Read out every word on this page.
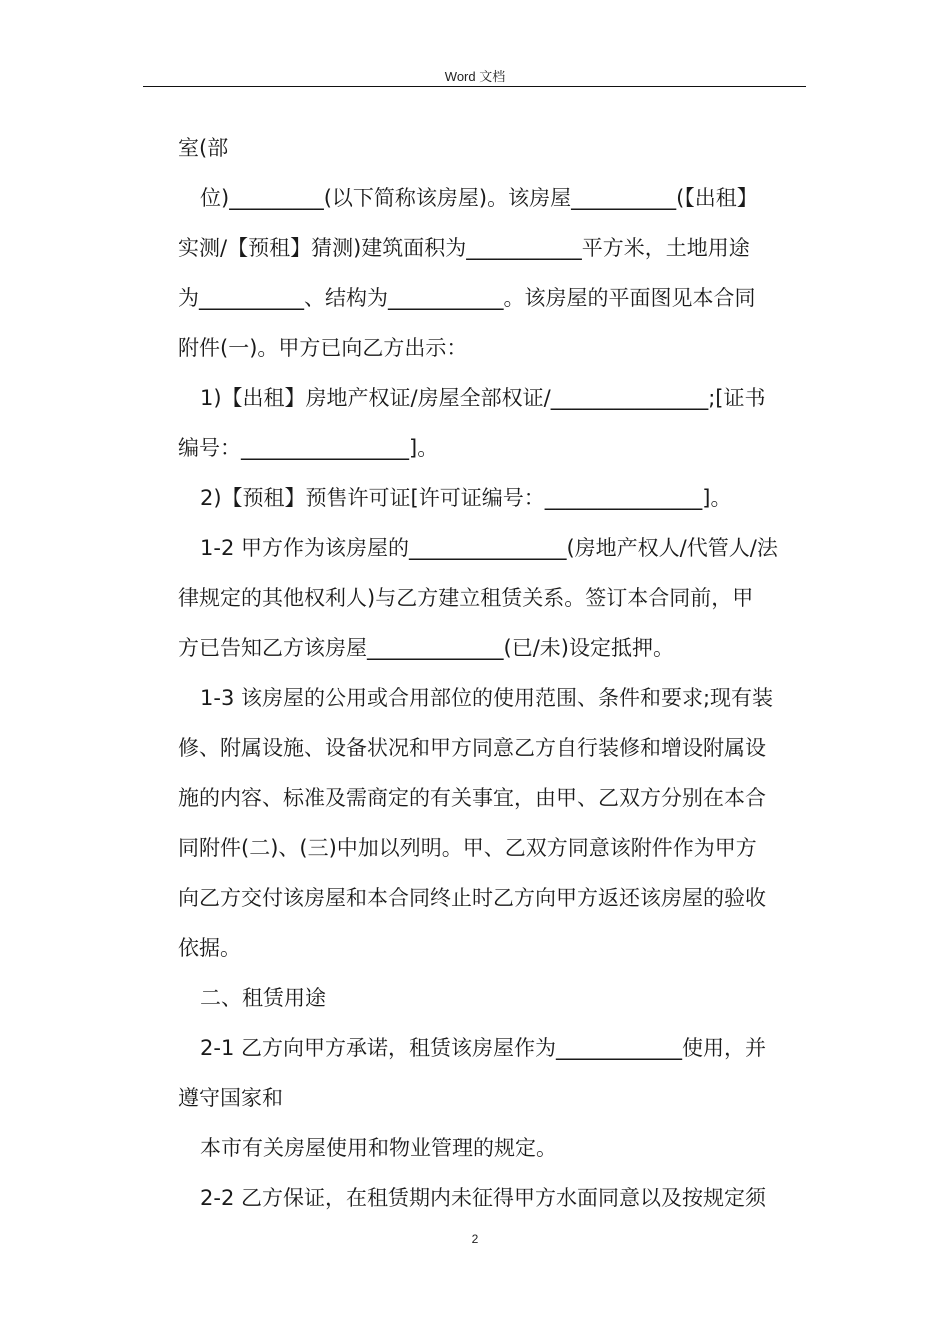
Word 文档
室(部
位)_________(以下简称该房屋)。该房屋__________(【出租】
实测/【预租】猜测)建筑面积为___________平方米，土地用途
为__________、结构为___________。该房屋的平面图见本合同
附件(一)。甲方已向乙方出示：
1)【出租】房地产权证/房屋全部权证/_______________;[证书
编号：________________]。
2)【预租】预售许可证[许可证编号：_______________]。
1-2 甲方作为该房屋的_______________(房地产权人/代管人/法
律规定的其他权利人)与乙方建立租赁关系。签订本合同前，甲
方已告知乙方该房屋_____________(已/未)设定抵押。
1-3 该房屋的公用或合用部位的使用范围、条件和要求;现有装
修、附属设施、设备状况和甲方同意乙方自行装修和增设附属设
施的内容、标准及需商定的有关事宜，由甲、乙双方分别在本合
同附件(二)、(三)中加以列明。甲、乙双方同意该附件作为甲方
向乙方交付该房屋和本合同终止时乙方向甲方返还该房屋的验收
依据。
二、租赁用途
2-1 乙方向甲方承诺，租赁该房屋作为____________使用，并
遵守国家和
本市有关房屋使用和物业管理的规定。
2-2 乙方保证，在租赁期内未征得甲方水面同意以及按规定须
2
